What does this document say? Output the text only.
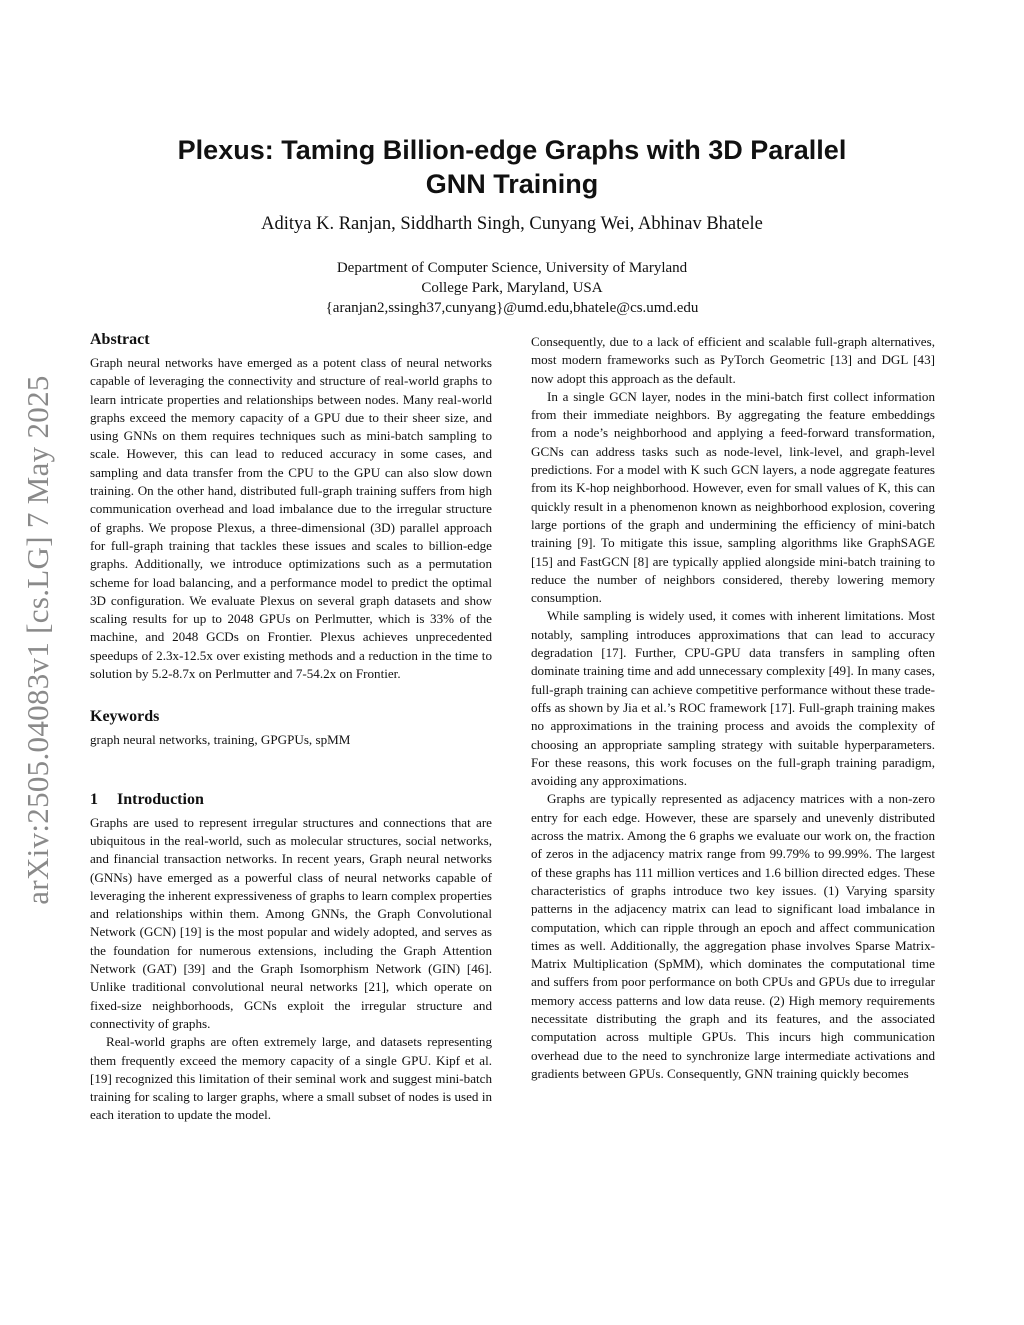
arXiv:2505.04083v1 [cs.LG] 7 May 2025
Plexus: Taming Billion-edge Graphs with 3D Parallel
GNN Training

Aditya K. Ranjan, Siddharth Singh, Cunyang Wei, Abhinav Bhatele

Department of Computer Science, University of Maryland
College Park, Maryland, USA
{aranjan2,ssingh37,cunyang}@umd.edu,bhatele@cs.umd.edu
Abstract

Graph neural networks have emerged as a potent class of neural networks capable of leveraging the connectivity and structure of real-world graphs to learn intricate properties and relationships between nodes. Many real-world graphs exceed the memory capacity of a GPU due to their sheer size, and using GNNs on them requires techniques such as mini-batch sampling to scale. However, this can lead to reduced accuracy in some cases, and sampling and data transfer from the CPU to the GPU can also slow down training. On the other hand, distributed full-graph training suffers from high communication overhead and load imbalance due to the irregular structure of graphs. We propose Plexus, a three-dimensional (3D) parallel approach for full-graph training that tackles these issues and scales to billion-edge graphs. Additionally, we introduce optimizations such as a permutation scheme for load balancing, and a performance model to predict the optimal 3D configuration. We evaluate Plexus on several graph datasets and show scaling results for up to 2048 GPUs on Perlmutter, which is 33% of the machine, and 2048 GCDs on Frontier. Plexus achieves unprecedented speedups of 2.3x-12.5x over existing methods and a reduction in the time to solution by 5.2-8.7x on Perlmutter and 7-54.2x on Frontier.

Keywords

graph neural networks, training, GPGPUs, spMM

1 Introduction

Graphs are used to represent irregular structures and connections that are ubiquitous in the real-world, such as molecular structures, social networks, and financial transaction networks. In recent years, Graph neural networks (GNNs) have emerged as a powerful class of neural networks capable of leveraging the inherent expressiveness of graphs to learn complex properties and relationships within them. Among GNNs, the Graph Convolutional Network (GCN) [19] is the most popular and widely adopted, and serves as the foundation for numerous extensions, including the Graph Attention Network (GAT) [39] and the Graph Isomorphism Network (GIN) [46]. Unlike traditional convolutional neural networks [21], which operate on fixed-size neighborhoods, GCNs exploit the irregular structure and connectivity of graphs.

Real-world graphs are often extremely large, and datasets representing them frequently exceed the memory capacity of a single GPU. Kipf et al. [19] recognized this limitation of their seminal work and suggest mini-batch training for scaling to larger graphs, where a small subset of nodes is used in each iteration to update the model.

Consequently, due to a lack of efficient and scalable full-graph alternatives, most modern frameworks such as PyTorch Geometric [13] and DGL [43] now adopt this approach as the default.

In a single GCN layer, nodes in the mini-batch first collect information from their immediate neighbors. By aggregating the feature embeddings from a node’s neighborhood and applying a feed-forward transformation, GCNs can address tasks such as node-level, link-level, and graph-level predictions. For a model with K such GCN layers, a node aggregate features from its K-hop neighborhood. However, even for small values of K, this can quickly result in a phenomenon known as neighborhood explosion, covering large portions of the graph and undermining the efficiency of mini-batch training [9]. To mitigate this issue, sampling algorithms like GraphSAGE [15] and FastGCN [8] are typically applied alongside mini-batch training to reduce the number of neighbors considered, thereby lowering memory consumption.

While sampling is widely used, it comes with inherent limitations. Most notably, sampling introduces approximations that can lead to accuracy degradation [17]. Further, CPU-GPU data transfers in sampling often dominate training time and add unnecessary complexity [49]. In many cases, full-graph training can achieve competitive performance without these trade-offs as shown by Jia et al.’s ROC framework [17]. Full-graph training makes no approximations in the training process and avoids the complexity of choosing an appropriate sampling strategy with suitable hyperparameters. For these reasons, this work focuses on the full-graph training paradigm, avoiding any approximations.

Graphs are typically represented as adjacency matrices with a non-zero entry for each edge. However, these are sparsely and unevenly distributed across the matrix. Among the 6 graphs we evaluate our work on, the fraction of zeros in the adjacency matrix range from 99.79% to 99.99%. The largest of these graphs has 111 million vertices and 1.6 billion directed edges. These characteristics of graphs introduce two key issues. (1) Varying sparsity patterns in the adjacency matrix can lead to significant load imbalance in computation, which can ripple through an epoch and affect communication times as well. Additionally, the aggregation phase involves Sparse Matrix-Matrix Multiplication (SpMM), which dominates the computational time and suffers from poor performance on both CPUs and GPUs due to irregular memory access patterns and low data reuse. (2) High memory requirements necessitate distributing the graph and its features, and the associated computation across multiple GPUs. This incurs high communication overhead due to the need to synchronize large intermediate activations and gradients between GPUs. Consequently, GNN training quickly becomes
